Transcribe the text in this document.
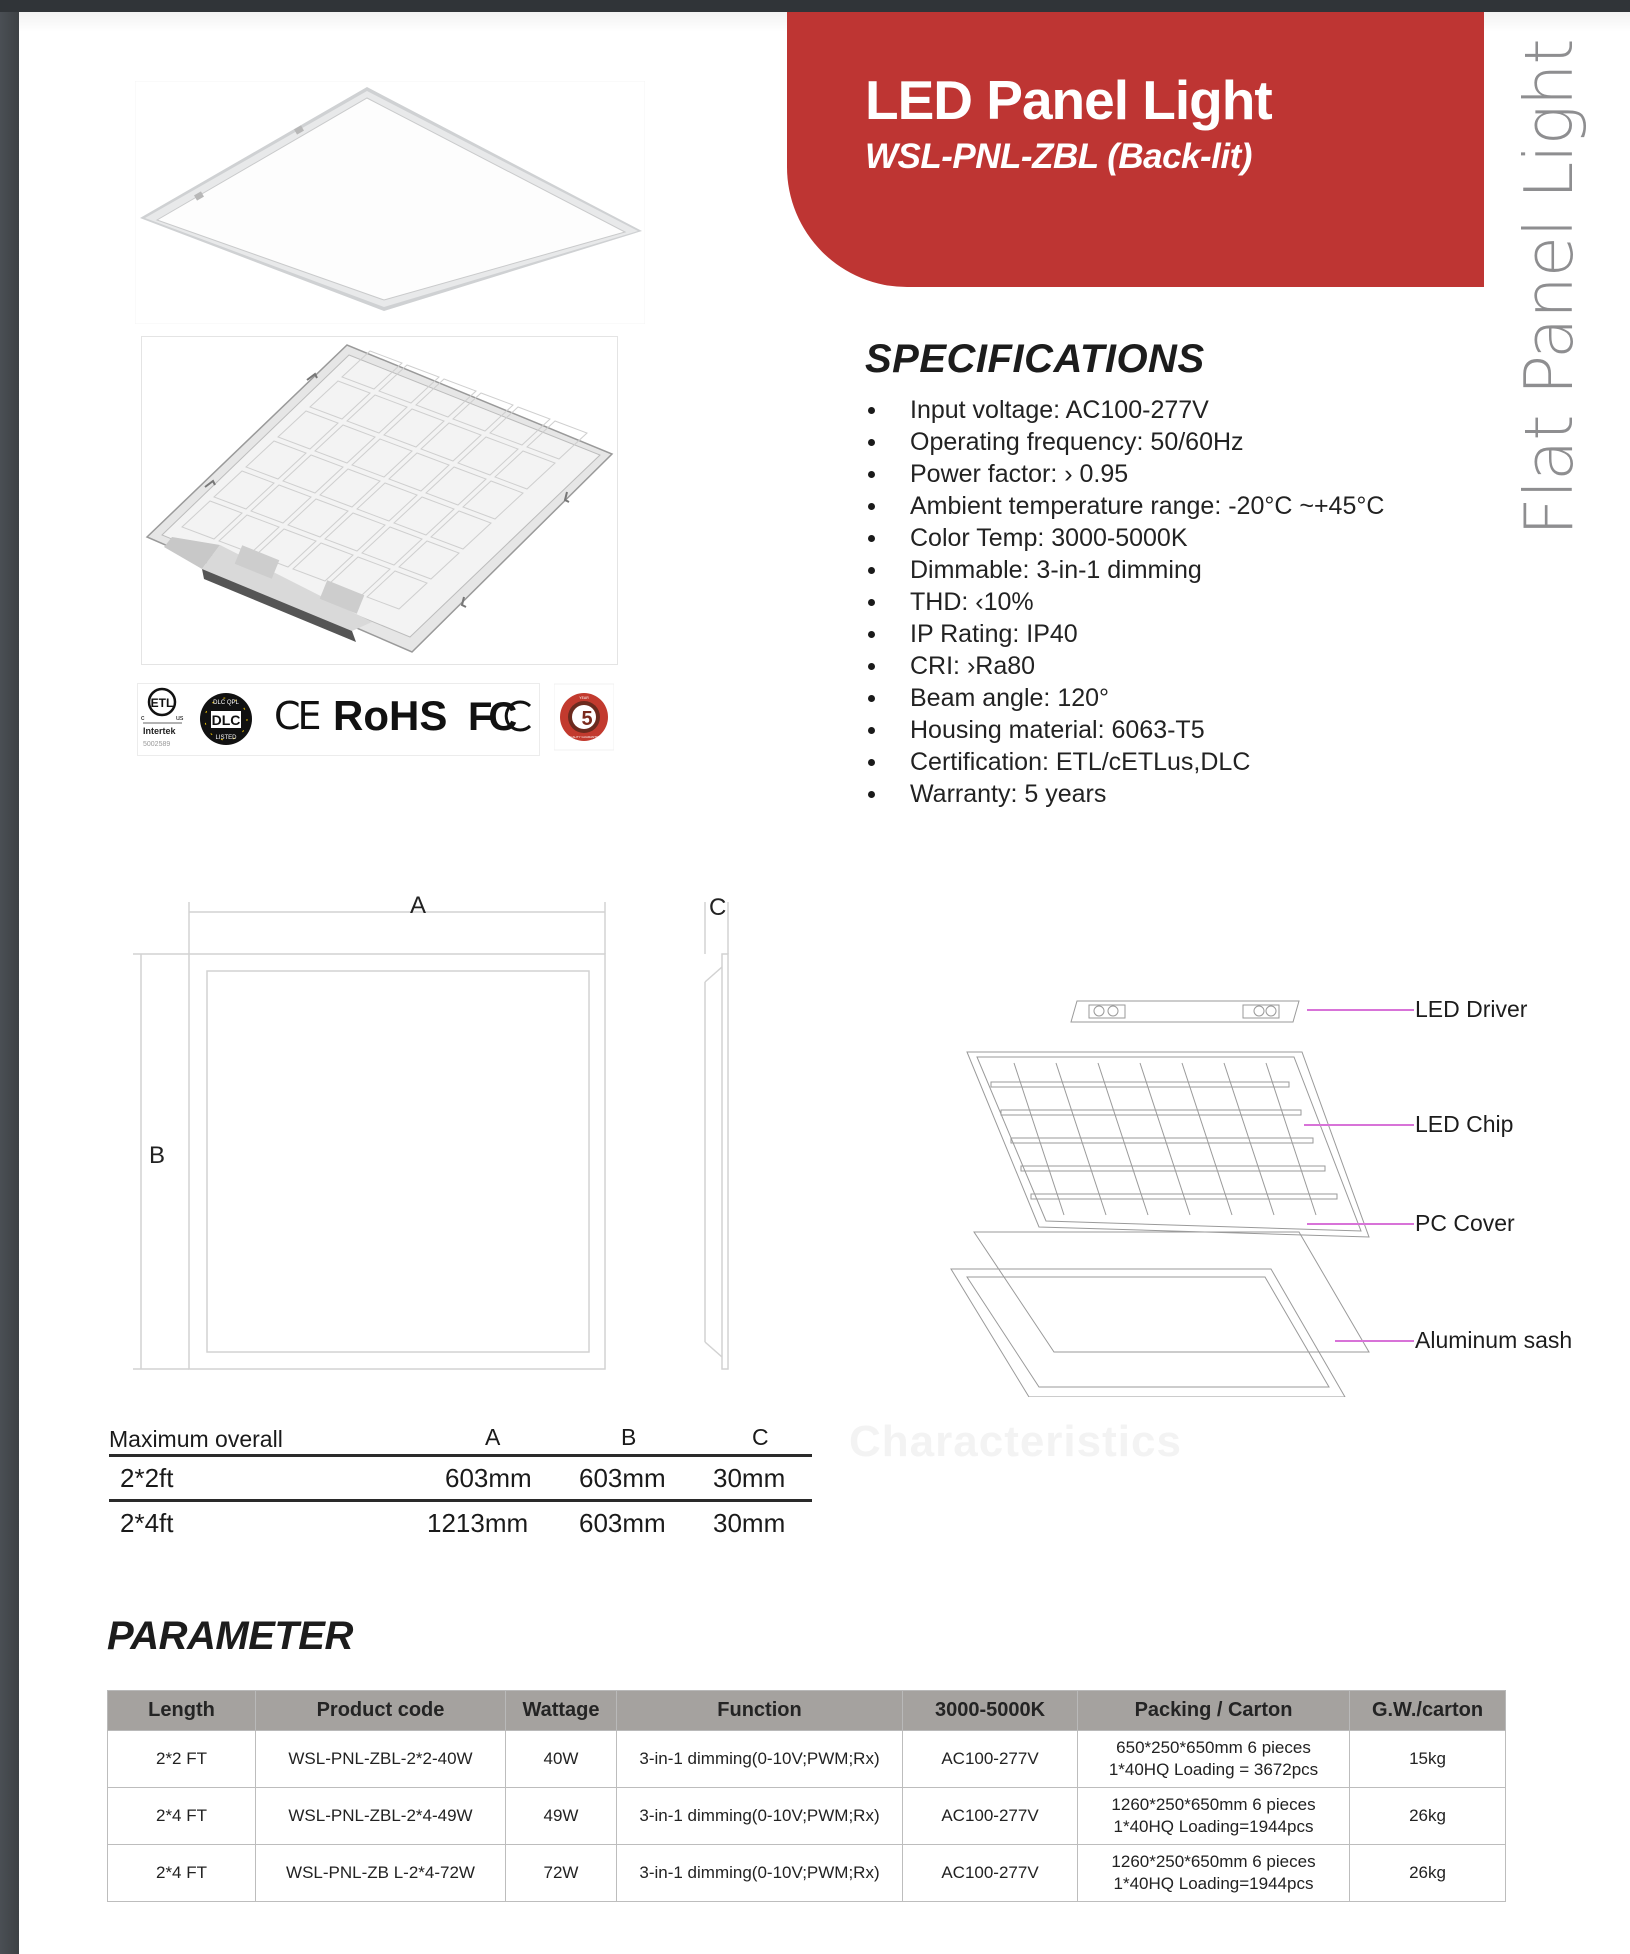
LED Panel Light
WSL-PNL-ZBL (Back-lit)	Flat Panel Light
ETL
c	us
Intertek
5002589
DLC
DLC QPL
LISTED CE RoHS FC	5
YEAR
QUALITY GUARANTEE
SPECIFICATIONS
Input voltage: AC100-277V
Operating frequency: 50/60Hz
Power factor: › 0.95
Ambient temperature range: -20°C ~+45°C
Color Temp: 3000-5000K
Dimmable: 3-in-1 dimming
THD: ‹10%
IP Rating: IP40
CRI: ›Ra80
Beam angle: 120°
Housing material: 6063-T5
Certification: ETL/cETLus,DLC
Warranty: 5 years
A
B
C
Characteristics
Maximum overall	A	B	C
2*2ft	603mm 603mm 30mm
2*4ft	1213mm 603mm 30mm
LED Driver
LED Chip
PC Cover
Aluminum sash
PARAMETER
Length	Product code	Wattage	Function	3000-5000K	Packing / Carton	G.W./carton
2*2 FT	WSL-PNL-ZBL-2*2-40W	40W	3-in-1 dimming(0-10V;PWM;Rx)	AC100-277V	650*250*650mm 6 pieces
1*40HQ Loading = 3672pcs	15kg
2*4 FT	WSL-PNL-ZBL-2*4-49W	49W	3-in-1 dimming(0-10V;PWM;Rx)	AC100-277V	1260*250*650mm 6 pieces
1*40HQ Loading=1944pcs	26kg
2*4 FT	WSL-PNL-ZB L-2*4-72W	72W	3-in-1 dimming(0-10V;PWM;Rx)	AC100-277V	1260*250*650mm 6 pieces
1*40HQ Loading=1944pcs	26kg
